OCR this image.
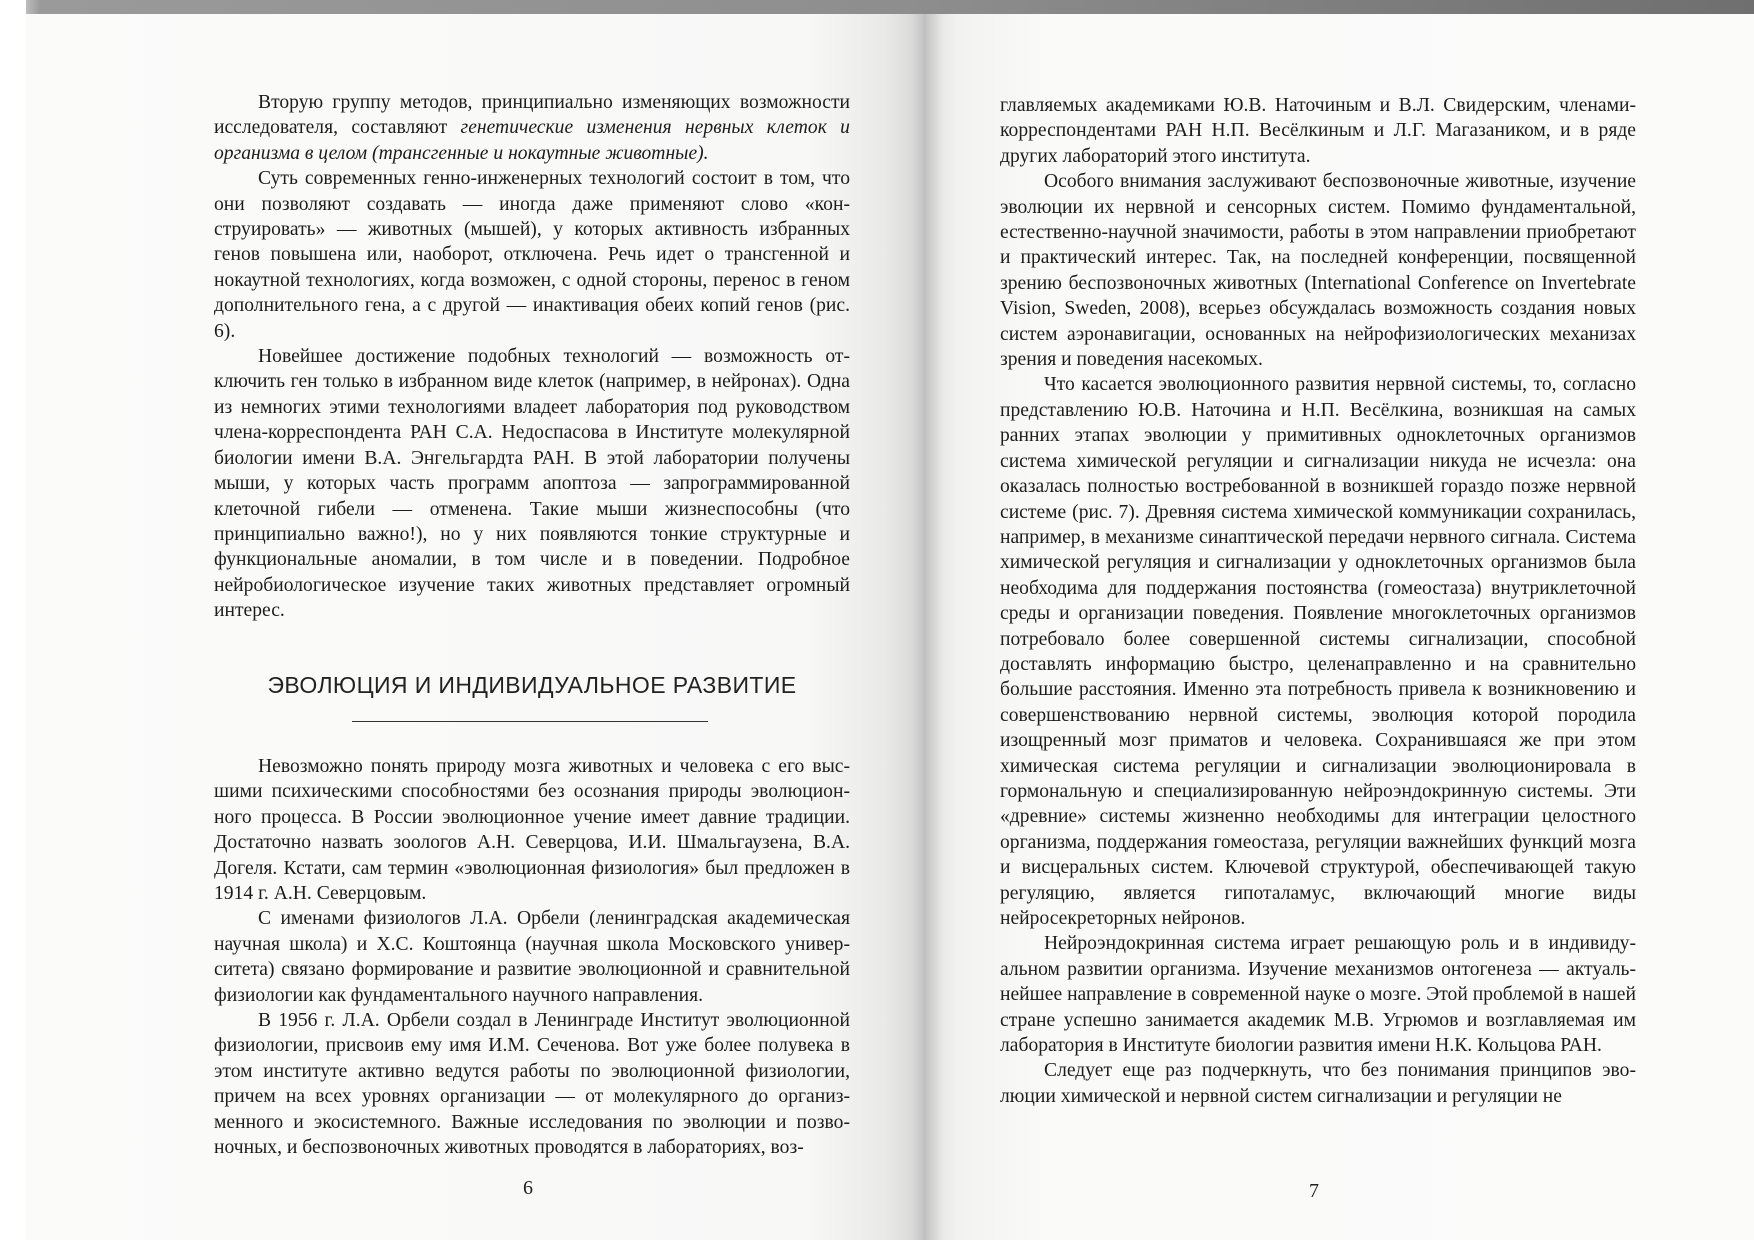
Вторую группу методов, принципиально изменяющих возможности исследователя, составляют генетические изменения нервных клеток и организма в целом (трансгенные и нокаутные животные).

Суть современных генно-инженерных технологий состоит в том, что они позволяют создавать — иногда даже применяют слово «конструировать» — животных (мышей), у которых активность избранных генов повышена или, наоборот, отключена. Речь идет о трансгенной и нокаутной технологиях, когда возможен, с одной стороны, перенос в геном дополнительного гена, а с другой — инактивация обеих копий генов (рис. 6).

Новейшее достижение подобных технологий — возможность отключить ген только в избранном виде клеток (например, в нейронах). Одна из немногих этими технологиями владеет лаборатория под руководством члена-корреспондента РАН С.А. Недоспасова в Институте молекулярной биологии имени В.А. Энгельгардта РАН. В этой лаборатории получены мыши, у которых часть программ апоптоза — запрограммированной клеточной гибели — отменена. Такие мыши жизнеспособны (что принципиально важно!), но у них появляются тонкие структурные и функциональные аномалии, в том числе и в поведении. Подробное нейробиологическое изучение таких животных представляет огромный интерес.

ЭВОЛЮЦИЯ И ИНДИВИДУАЛЬНОЕ РАЗВИТИЕ

Невозможно понять природу мозга животных и человека с его высшими психическими способностями без осознания природы эволюционного процесса. В России эволюционное учение имеет давние традиции. Достаточно назвать зоологов А.Н. Северцова, И.И. Шмальгаузена, В.А. Догеля. Кстати, сам термин «эволюционная физиология» был предложен в 1914 г. А.Н. Северцовым.

С именами физиологов Л.А. Орбели (ленинградская академическая научная школа) и Х.С. Коштоянца (научная школа Московского университета) связано формирование и развитие эволюционной и сравнительной физиологии как фундаментального научного направления.

В 1956 г. Л.А. Орбели создал в Ленинграде Институт эволюционной физиологии, присвоив ему имя И.М. Сеченова. Вот уже более полувека в этом институте активно ведутся работы по эволюционной физиологии, причем на всех уровнях организации — от молекулярного до организменного и экосистемного. Важные исследования по эволюции и позвоночных, и беспозвоночных животных проводятся в лабораториях, воз-

6

главляемых академиками Ю.В. Наточиным и В.Л. Свидерским, членами-корреспондентами РАН Н.П. Весёлкиным и Л.Г. Магазаником, и в ряде других лабораторий этого института.

Особого внимания заслуживают беспозвоночные животные, изучение эволюции их нервной и сенсорных систем. Помимо фундаментальной, естественно-научной значимости, работы в этом направлении приобретают и практический интерес. Так, на последней конференции, посвященной зрению беспозвоночных животных (International Conference on Invertebrate Vision, Sweden, 2008), всерьез обсуждалась возможность создания новых систем аэронавигации, основанных на нейрофизиологических механизах зрения и поведения насекомых.

Что касается эволюционного развития нервной системы, то, согласно представлению Ю.В. Наточина и Н.П. Весёлкина, возникшая на самых ранних этапах эволюции у примитивных одноклеточных организмов система химической регуляции и сигнализации никуда не исчезла: она оказалась полностью востребованной в возникшей гораздо позже нервной системе (рис. 7). Древняя система химической коммуникации сохранилась, например, в механизме синаптической передачи нервного сигнала. Система химической регуляция и сигнализации у одноклеточных организмов была необходима для поддержания постоянства (гомеостаза) внутриклеточной среды и организации поведения. Появление многоклеточных организмов потребовало более совершенной системы сигнализации, способной доставлять информацию быстро, целенаправленно и на сравнительно большие расстояния. Именно эта потребность привела к возникновению и совершенствованию нервной системы, эволюция которой породила изощренный мозг приматов и человека. Сохранившаяся же при этом химическая система регуляции и сигнализации эволюционировала в гормональную и специализированную нейроэндокринную системы. Эти «древние» системы жизненно необходимы для интеграции целостного организма, поддержания гомеостаза, регуляции важнейших функций мозга и висцеральных систем. Ключевой структурой, обеспечивающей такую регуляцию, является гипоталамус, включающий многие виды нейросекреторных нейронов.

Нейроэндокринная система играет решающую роль и в индивидуальном развитии организма. Изучение механизмов онтогенеза — актуальнейшее направление в современной науке о мозге. Этой проблемой в нашей стране успешно занимается академик М.В. Угрюмов и возглавляемая им лаборатория в Институте биологии развития имени Н.К. Кольцова РАН.

Следует еще раз подчеркнуть, что без понимания принципов эволюции химической и нервной систем сигнализации и регуляции не

7
